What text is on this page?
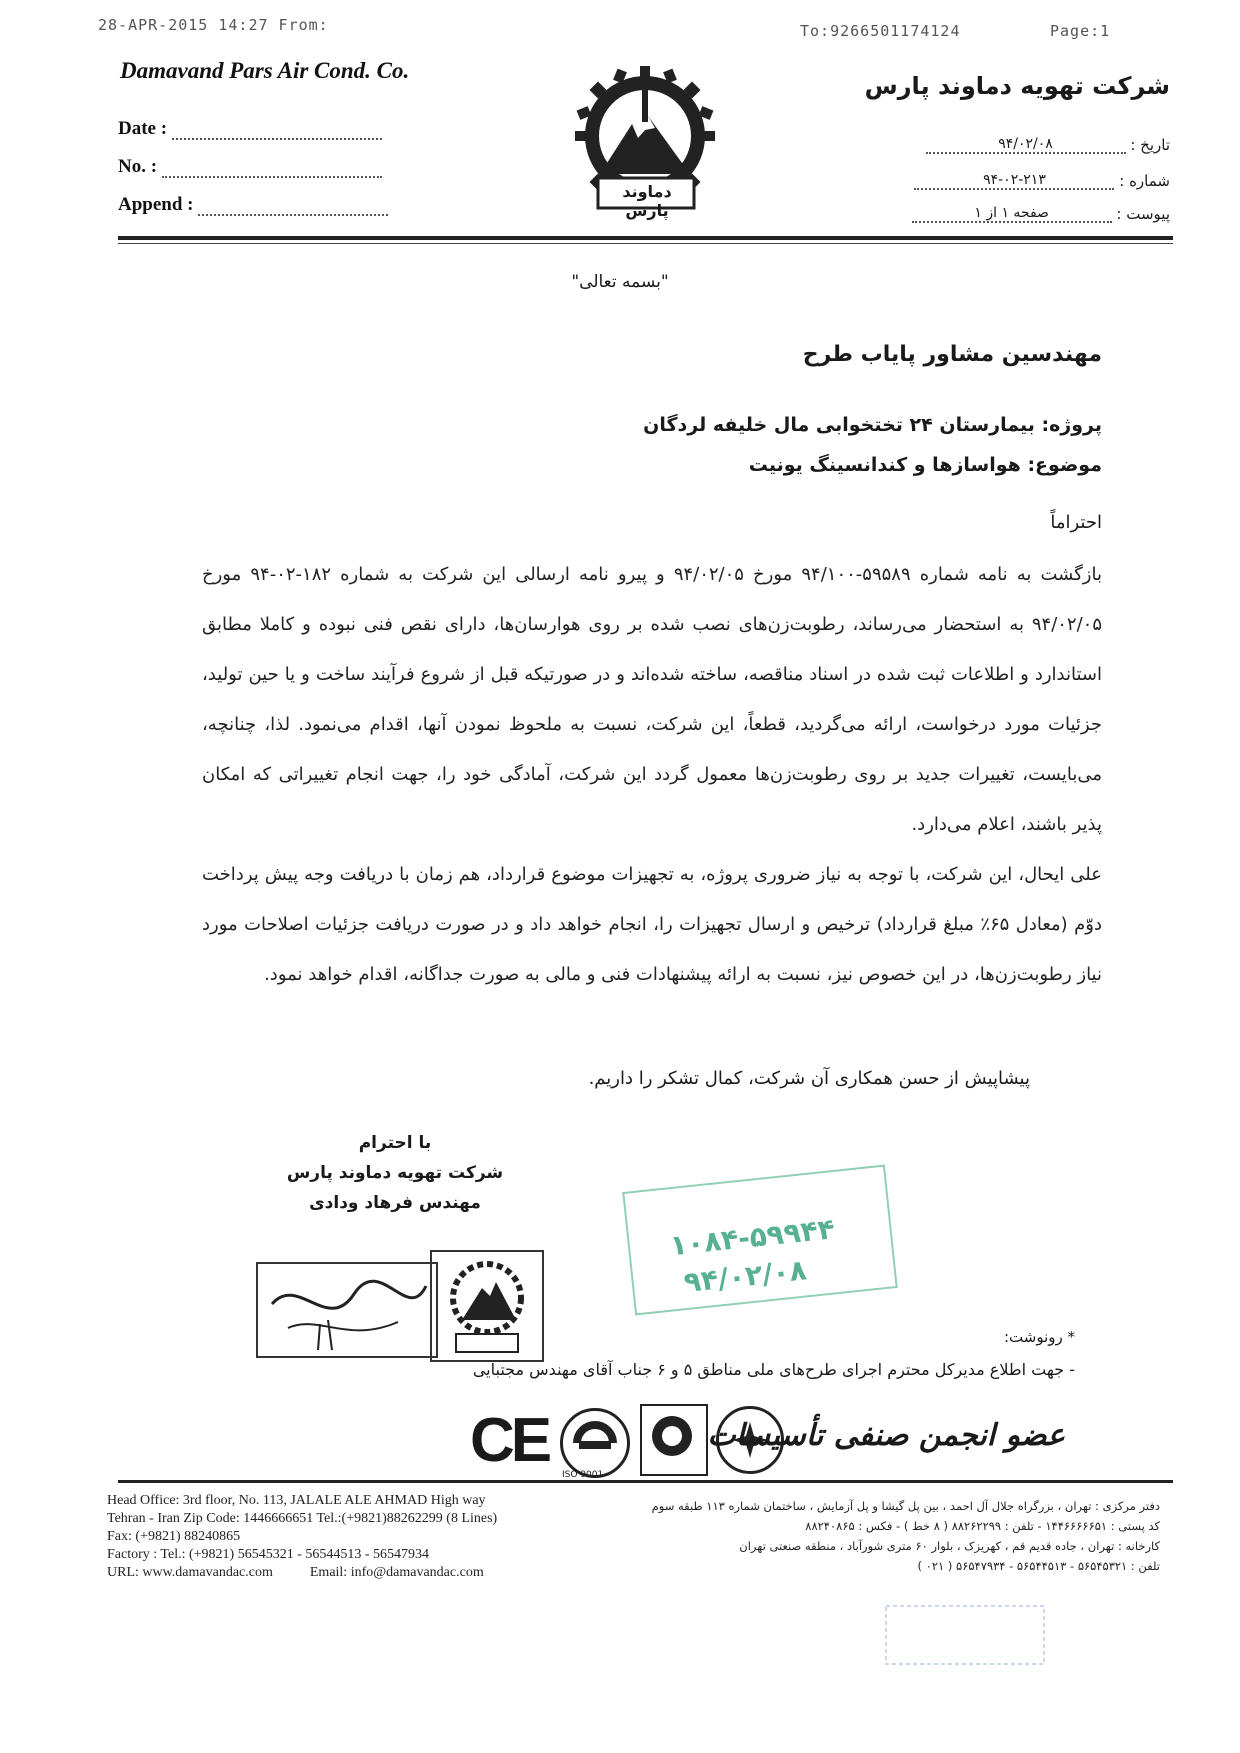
28-APR-2015 14:27 From:	To:9266501174124	Page:1
Damavand Pars Air Cond. Co.
Date :
No. :
Append :
دماوند پارس
شرکت تهویه دماوند پارس
تاریخ : ۹۴/۰۲/۰۸
شماره : ۹۴-۰۲-۲۱۳
پیوست : صفحه ۱ از ۱
"بسمه تعالی"
مهندسین مشاور پایاب طرح
پروژه: بیمارستان ۲۴ تختخوابی مال خلیفه لردگان
موضوع: هواسازها و کندانسینگ یونیت
احتراماً
بازگشت به نامه شماره ۵۹۵۸۹-۹۴/۱۰۰ مورخ ۹۴/۰۲/۰۵ و پیرو نامه ارسالی این شرکت به شماره ۱۸۲-۰۲-۹۴ مورخ ۹۴/۰۲/۰۵ به استحضار می‌رساند، رطوبت‌زن‌های نصب شده بر روی هوارسان‌ها، دارای نقص فنی نبوده و کاملا مطابق استاندارد و اطلاعات ثبت شده در اسناد مناقصه، ساخته شده‌اند و در صورتیکه قبل از شروع فرآیند ساخت و یا حین تولید، جزئیات مورد درخواست، ارائه می‌گردید، قطعاً، این شرکت، نسبت به ملحوظ نمودن آنها، اقدام می‌نمود. لذا، چنانچه، می‌بایست، تغییرات جدید بر روی رطوبت‌زن‌ها معمول گردد این شرکت، آمادگی خود را، جهت انجام تغییراتی که امکان پذیر باشند، اعلام می‌دارد.
علی ایحال، این شرکت، با توجه به نیاز ضروری پروژه، به تجهیزات موضوع قرارداد، هم زمان با دریافت وجه پیش پرداخت دوّم (معادل ۶۵٪ مبلغ قرارداد) ترخیص و ارسال تجهیزات را، انجام خواهد داد و در صورت دریافت جزئیات اصلاحات مورد نیاز رطوبت‌زن‌ها، در این خصوص نیز، نسبت به ارائه پیشنهادات فنی و مالی به صورت جداگانه، اقدام خواهد نمود.
پیشاپیش از حسن همکاری آن شرکت، کمال تشکر را داریم.
با احترام
شرکت تهویه دماوند پارس
مهندس فرهاد ودادی
۱۰۸۴-۵۹۹۴۴
۹۴/۰۲/۰۸
* رونوشت:
- جهت اطلاع مدیرکل محترم اجرای طرح‌های ملی مناطق ۵ و ۶ جناب آقای مهندس مجتبایی
CE ISO 9001
عضو انجمن صنفی تأسیسات
Head Office: 3rd floor, No. 113, JALALE ALE AHMAD High way
Tehran - Iran Zip Code: 1446666651 Tel.:(+9821)88262299 (8 Lines)
Fax: (+9821) 88240865
Factory : Tel.: (+9821) 56545321 - 56544513 - 56547934
URL: www.damavandac.com	Email: info@damavandac.com
دفتر مرکزی : تهران ، بزرگراه جلال آل احمد ، بین پل گیشا و پل آزمایش ، ساختمان شماره ۱۱۳ طبقه سوم
کد پستی : ۱۴۴۶۶۶۶۶۵۱ - تلفن : ۸۸۲۶۲۲۹۹ ( ۸ خط ) - فکس : ۸۸۲۴۰۸۶۵
کارخانه : تهران ، جاده قدیم قم ، کهریزک ، بلوار ۶۰ متری شورآباد ، منطقه صنعتی تهران
تلفن : ۵۶۵۴۵۳۲۱ - ۵۶۵۴۴۵۱۳ - ۵۶۵۴۷۹۳۴ ( ۰۲۱ )
